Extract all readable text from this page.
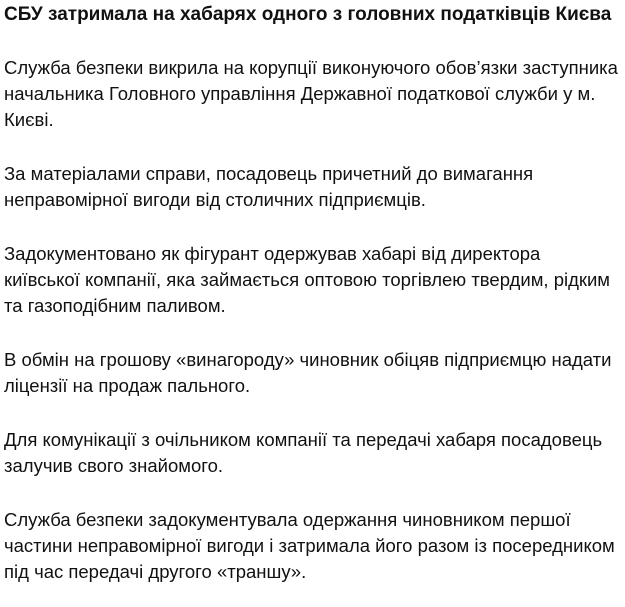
СБУ затримала на хабарях одного з головних податківців Києва

Служба безпеки викрила на корупції виконуючого обов’язки заступника начальника Головного управління Державної податкової служби у м. Києві.

За матеріалами справи, посадовець причетний до вимагання неправомірної вигоди від столичних підприємців.

Задокументовано як фігурант одержував хабарі від директора київської компанії, яка займається оптовою торгівлею твердим, рідким та газоподібним паливом.

В обмін на грошову «винагороду» чиновник обіцяв підприємцю надати ліцензії на продаж пального.

Для комунікації з очільником компанії та передачі хабаря посадовець залучив свого знайомого.

Служба безпеки задокументувала одержання чиновником першої частини неправомірної вигоди і затримала його разом із посередником під час передачі другого «траншу».
